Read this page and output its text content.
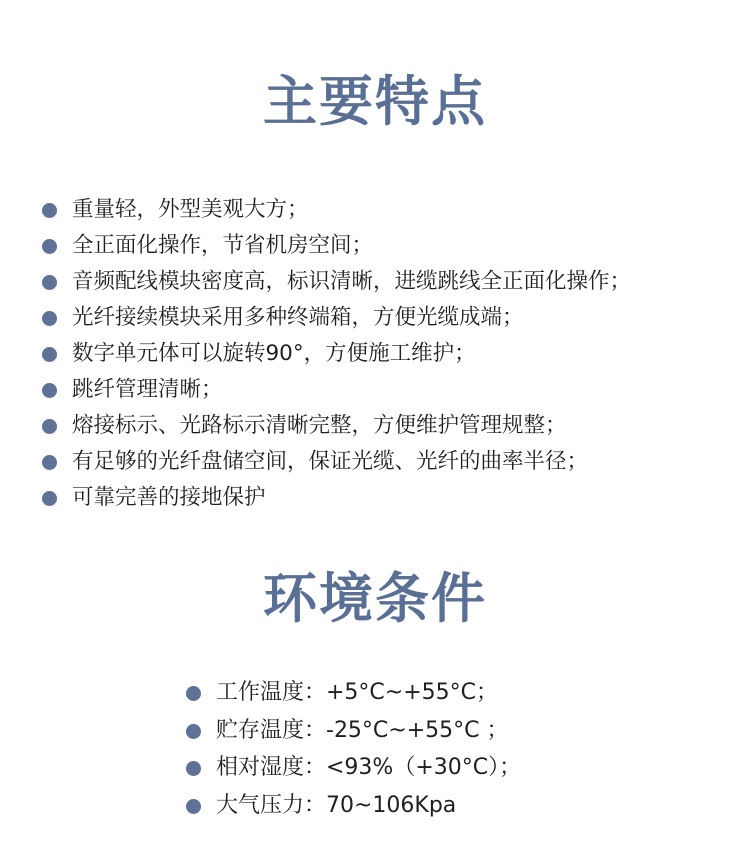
主要特点
重量轻，外型美观大方；
全正面化操作，节省机房空间；
音频配线模块密度高，标识清晰，进缆跳线全正面化操作；
光纤接续模块采用多种终端箱，方便光缆成端；
数字单元体可以旋转90°，方便施工维护；
跳纤管理清晰；
熔接标示、光路标示清晰完整，方便维护管理规整；
有足够的光纤盘储空间，保证光缆、光纤的曲率半径；
可靠完善的接地保护
环境条件
工作温度：+5°C~+55°C；
贮存温度：-25°C~+55°C ；
相对湿度：<93%（+30°C）；
大气压力：70~106Kpa
